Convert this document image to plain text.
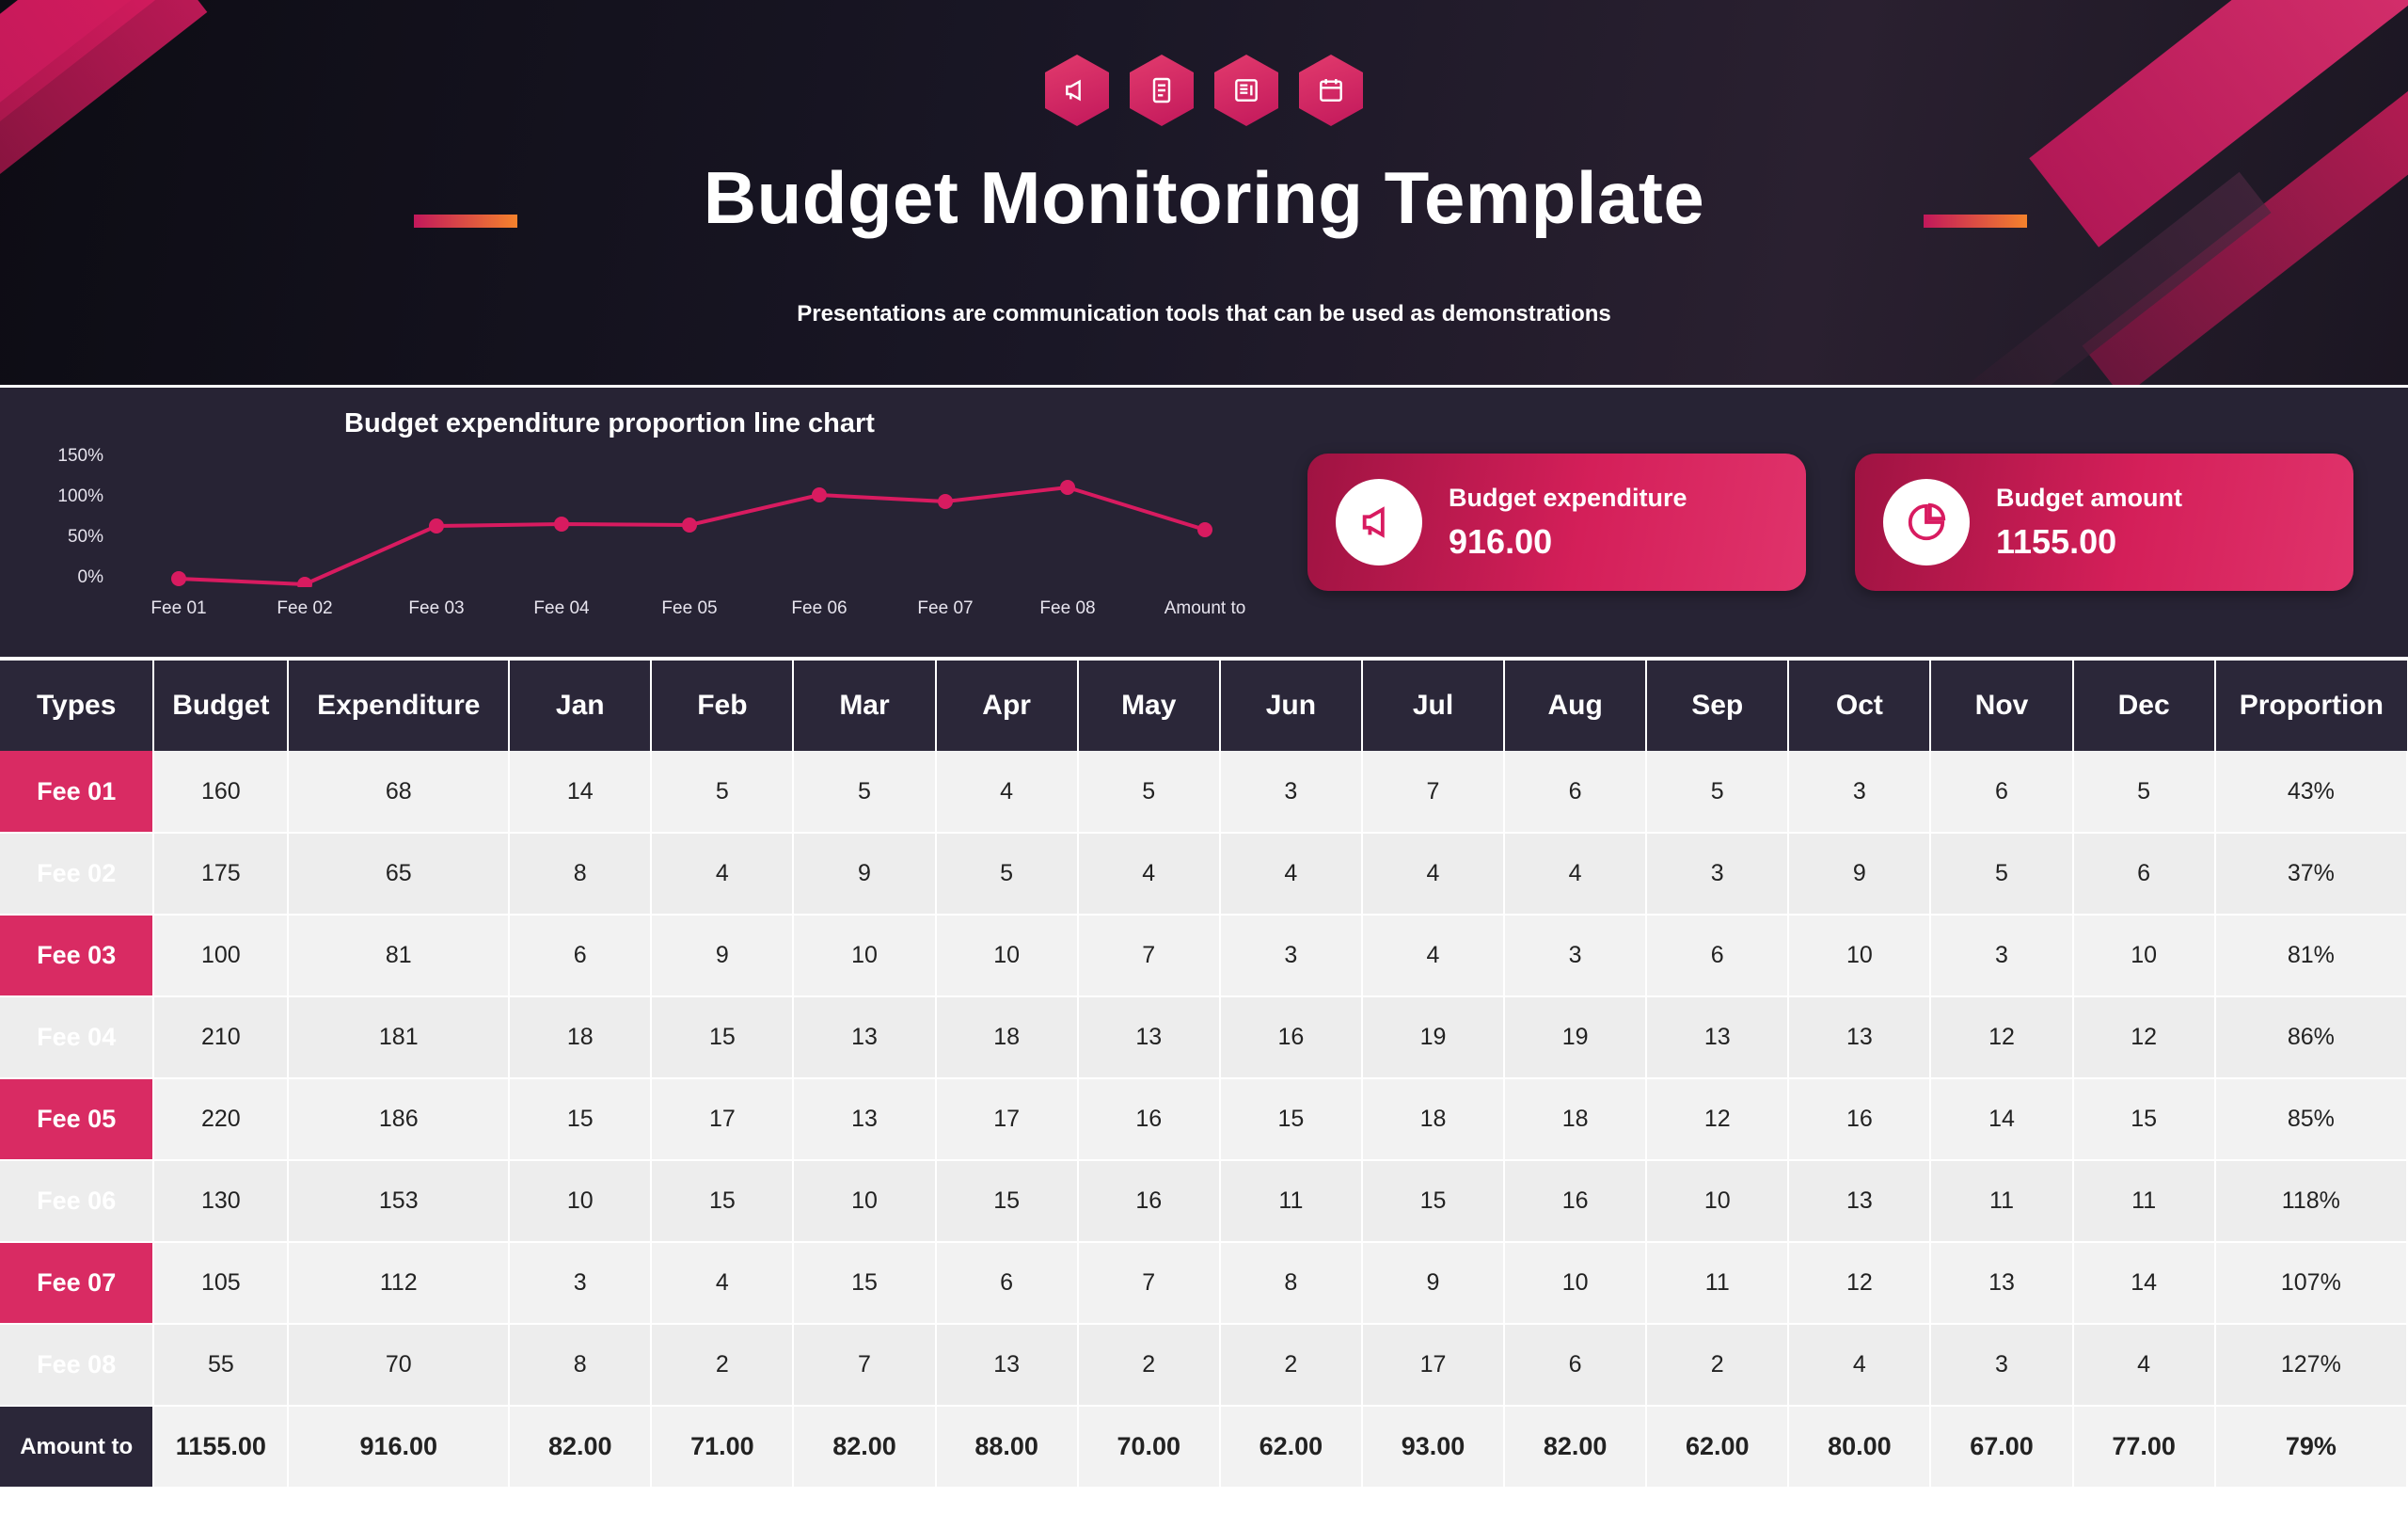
Budget Monitoring Template
Presentations are communication tools that can be used as demonstrations
Budget expenditure proportion line chart
150%
100%
50%
0%
Fee 01	Fee 02	Fee 03	Fee 04	Fee 05	Fee 06	Fee 07	Fee 08	Amount to
Budget expenditure
916.00
Budget amount
1155.00
Types	Budget	Expenditure	Jan	Feb	Mar	Apr	May	Jun	Jul	Aug	Sep	Oct	Nov	Dec	Proportion
Fee 01	160	68	14	5	5	4	5	3	7	6	5	3	6	5	43%
Fee 02	175	65	8	4	9	5	4	4	4	4	3	9	5	6	37%
Fee 03	100	81	6	9	10	10	7	3	4	3	6	10	3	10	81%
Fee 04	210	181	18	15	13	18	13	16	19	19	13	13	12	12	86%
Fee 05	220	186	15	17	13	17	16	15	18	18	12	16	14	15	85%
Fee 06	130	153	10	15	10	15	16	11	15	16	10	13	11	11	118%
Fee 07	105	112	3	4	15	6	7	8	9	10	11	12	13	14	107%
Fee 08	55	70	8	2	7	13	2	2	17	6	2	4	3	4	127%
Amount to	1155.00	916.00	82.00	71.00	82.00	88.00	70.00	62.00	93.00	82.00	62.00	80.00	67.00	77.00	79%
